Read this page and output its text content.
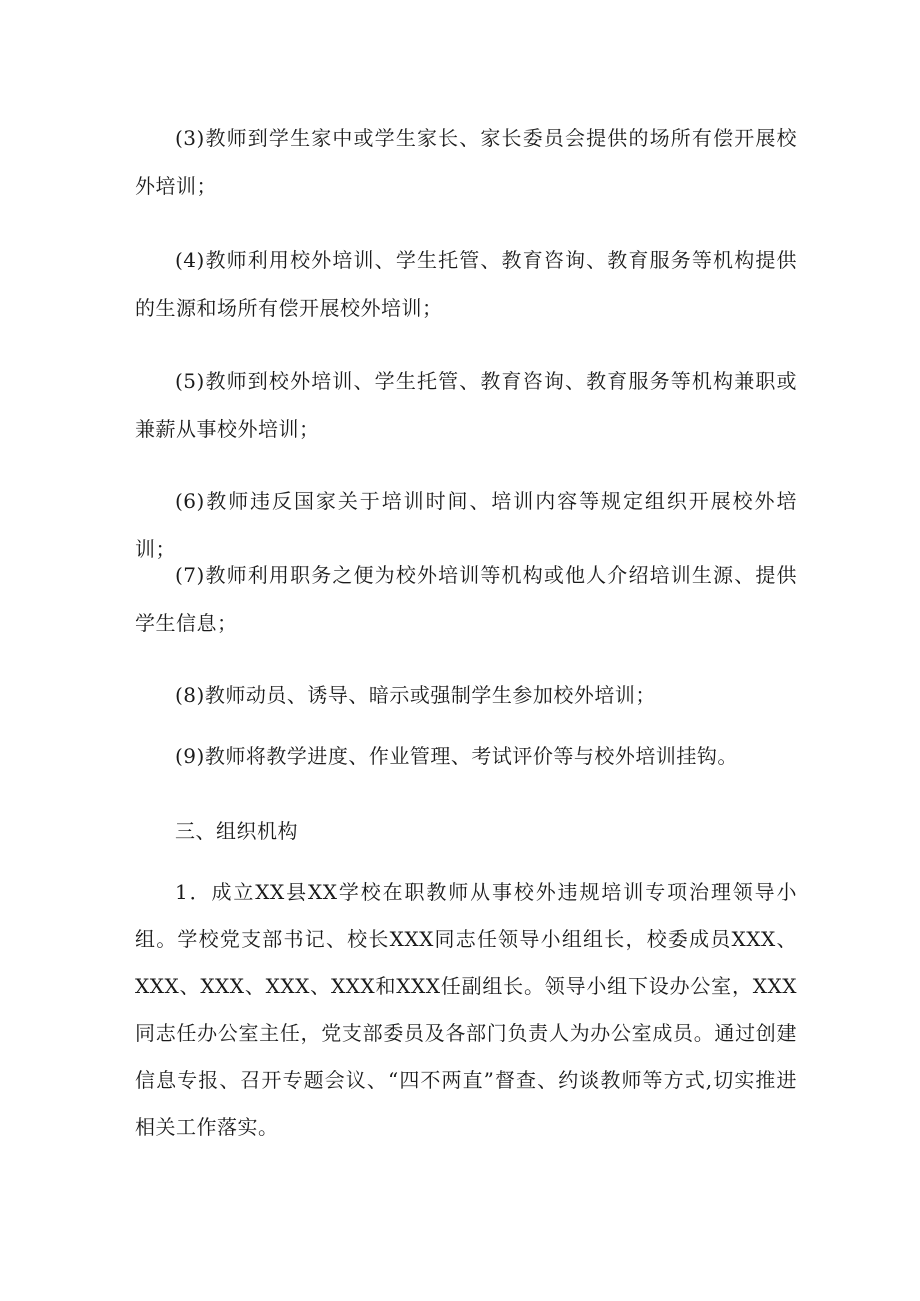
(3)教师到学生家中或学生家长、家长委员会提供的场所有偿开展校外培训；

(4)教师利用校外培训、学生托管、教育咨询、教育服务等机构提供的生源和场所有偿开展校外培训；

(5)教师到校外培训、学生托管、教育咨询、教育服务等机构兼职或兼薪从事校外培训；

(6)教师违反国家关于培训时间、培训内容等规定组织开展校外培训；

(7)教师利用职务之便为校外培训等机构或他人介绍培训生源、提供学生信息；

(8)教师动员、诱导、暗示或强制学生参加校外培训；

(9)教师将教学进度、作业管理、考试评价等与校外培训挂钩。

三、组织机构

1．成立XX县XX学校在职教师从事校外违规培训专项治理领导小组。学校党支部书记、校长XXX同志任领导小组组长，校委成员XXX、XXX、XXX、XXX、XXX和XXX任副组长。领导小组下设办公室，XXX同志任办公室主任，党支部委员及各部门负责人为办公室成员。通过创建信息专报、召开专题会议、“四不两直”督查、约谈教师等方式,切实推进相关工作落实。
